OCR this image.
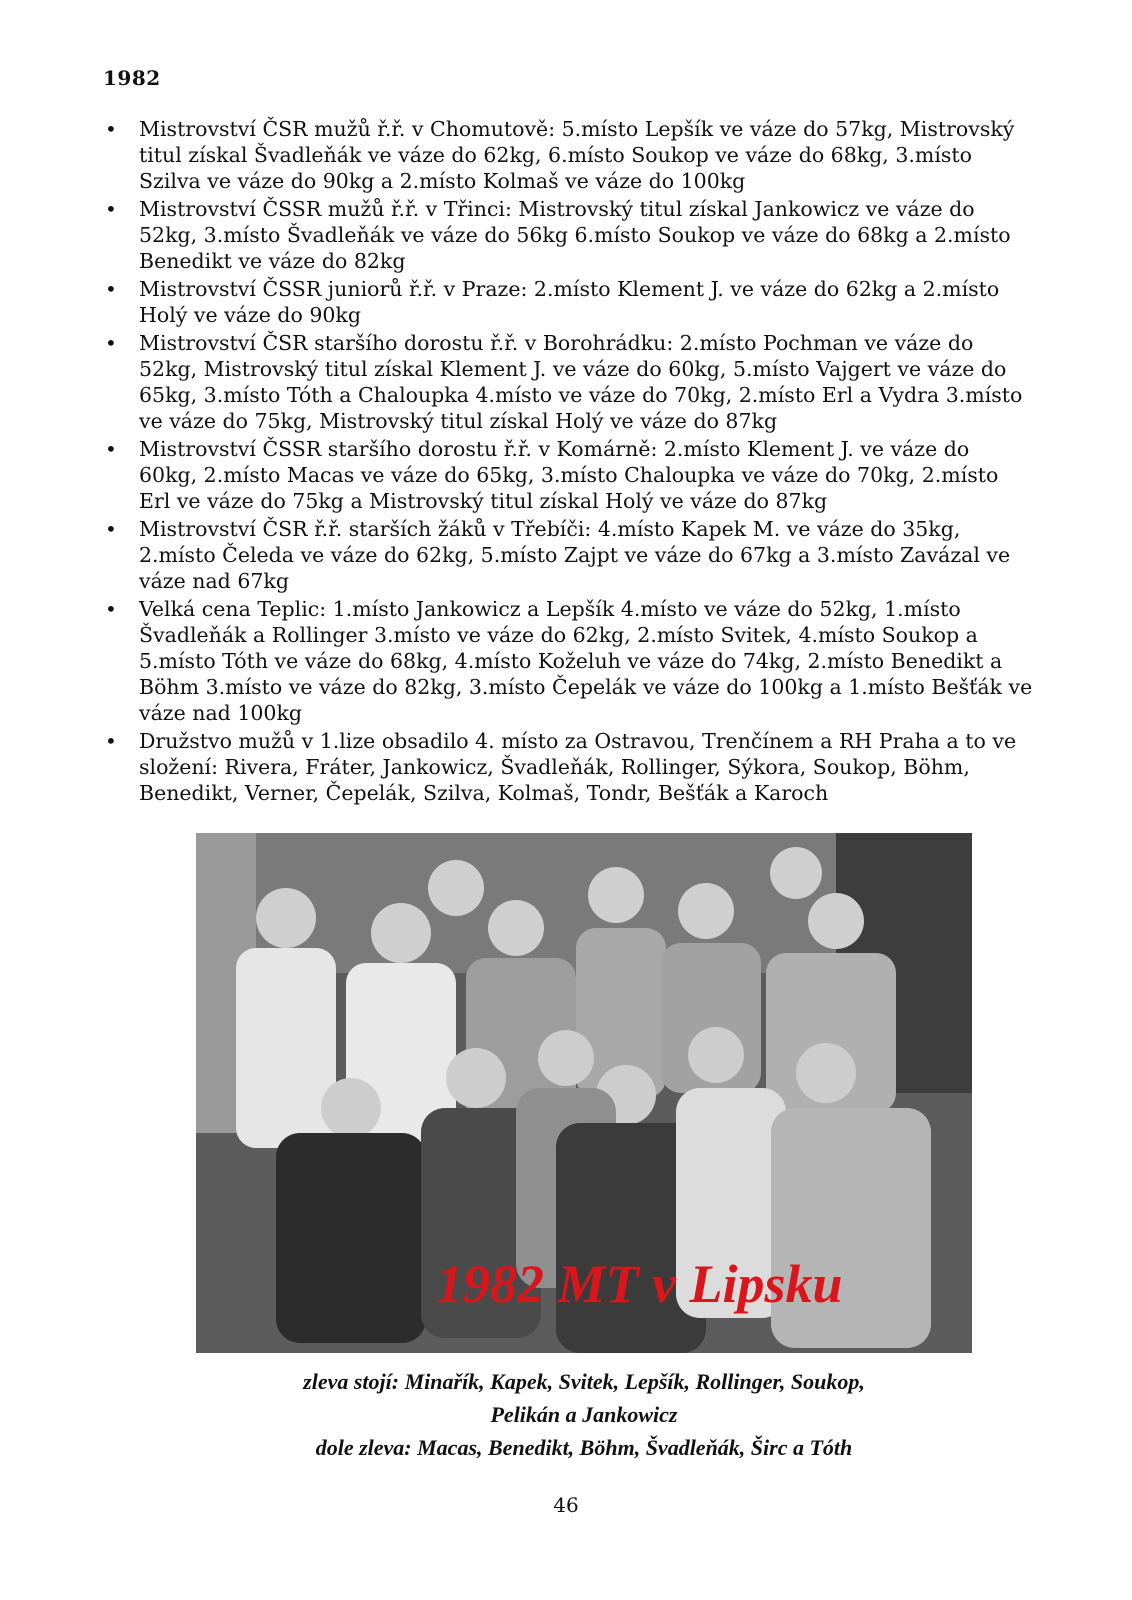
1982
• Mistrovství ČSR mužů ř.ř. v Chomutově: 5.místo Lepšík ve váze do 57kg, Mistrovský titul získal Švadleňák ve váze do 62kg, 6.místo Soukop ve váze do 68kg, 3.místo Szilva ve váze do 90kg a 2.místo Kolmaš ve váze do 100kg
• Mistrovství ČSSR mužů ř.ř. v Třinci: Mistrovský titul získal Jankowicz ve váze do 52kg, 3.místo Švadleňák ve váze do 56kg 6.místo Soukop ve váze do 68kg a 2.místo Benedikt ve váze do 82kg
• Mistrovství ČSSR juniorů ř.ř. v Praze: 2.místo Klement J. ve váze do 62kg a 2.místo Holý ve váze do 90kg
• Mistrovství ČSR staršího dorostu ř.ř. v Borohrádku: 2.místo Pochman ve váze do 52kg, Mistrovský titul získal Klement J. ve váze do 60kg, 5.místo Vajgert ve váze do 65kg, 3.místo Tóth a Chaloupka 4.místo ve váze do 70kg, 2.místo Erl a Vydra 3.místo ve váze do 75kg, Mistrovský titul získal Holý ve váze do 87kg
• Mistrovství ČSSR staršího dorostu ř.ř. v Komárně: 2.místo Klement J. ve váze do 60kg, 2.místo Macas ve váze do 65kg, 3.místo Chaloupka ve váze do 70kg, 2.místo Erl ve váze do 75kg a Mistrovský titul získal Holý ve váze do 87kg
• Mistrovství ČSR ř.ř. starších žáků v Třebíči: 4.místo Kapek M. ve váze do 35kg, 2.místo Čeleda ve váze do 62kg, 5.místo Zajpt ve váze do 67kg a 3.místo Zavázal ve váze nad 67kg
• Velká cena Teplic: 1.místo Jankowicz a Lepšík 4.místo ve váze do 52kg, 1.místo Švadleňák a Rollinger 3.místo ve váze do 62kg, 2.místo Svitek, 4.místo Soukop a 5.místo Tóth ve váze do 68kg, 4.místo Koželuh ve váze do 74kg, 2.místo Benedikt a Böhm 3.místo ve váze do 82kg, 3.místo Čepelák ve váze do 100kg a 1.místo Bešťák ve váze nad 100kg
• Družstvo mužů v 1.lize obsadilo 4. místo za Ostravou, Trenčínem a RH Praha a to ve složení: Rivera, Fráter, Jankowicz, Švadleňák, Rollinger, Sýkora, Soukop, Böhm, Benedikt, Verner, Čepelák, Szilva, Kolmaš, Tondr, Bešťák a Karoch
1982 MT v Lipsku
zleva stojí: Minařík, Kapek, Svitek, Lepšík, Rollinger, Soukop,
Pelikán a Jankowicz
dole zleva: Macas, Benedikt, Böhm, Švadleňák, Širc a Tóth
46
